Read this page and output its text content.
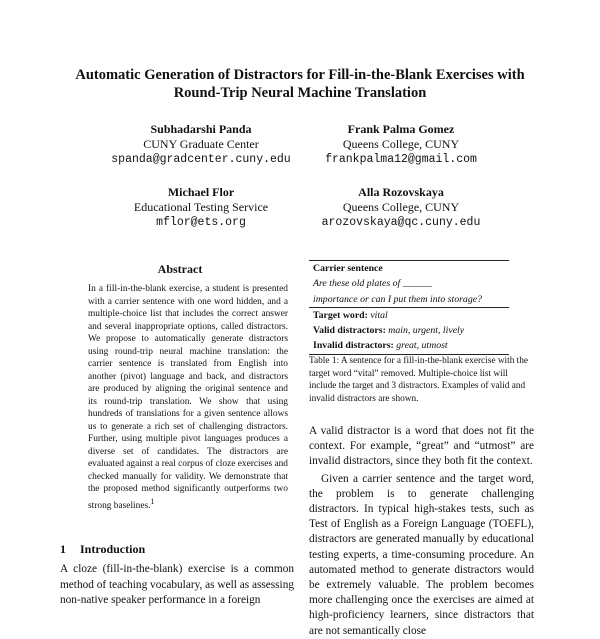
Automatic Generation of Distractors for Fill-in-the-Blank Exercises with
Round-Trip Neural Machine Translation
Subhadarshi Panda
CUNY Graduate Center
spanda@gradcenter.cuny.edu
Frank Palma Gomez
Queens College, CUNY
frankpalma12@gmail.com
Michael Flor
Educational Testing Service
mflor@ets.org
Alla Rozovskaya
Queens College, CUNY
arozovskaya@qc.cuny.edu
Abstract

In a fill-in-the-blank exercise, a student is presented with a carrier sentence with one word hidden, and a multiple-choice list that includes the correct answer and several inappropriate options, called distractors. We propose to automatically generate distractors using round-trip neural machine translation: the carrier sentence is translated from English into another (pivot) language and back, and distractors are produced by aligning the original sentence and its round-trip translation. We show that using hundreds of translations for a given sentence allows us to generate a rich set of challenging distractors. Further, using multiple pivot languages produces a diverse set of candidates. The distractors are evaluated against a real corpus of cloze exercises and checked manually for validity. We demonstrate that the proposed method significantly outperforms two strong baselines.$^1$

1 Introduction

A cloze (fill-in-the-blank) exercise is a common method of teaching vocabulary, as well as assessing non-native speaker performance in a foreign

Carrier sentence
Are these old plates of ______
importance or can I put them into storage?
Target word: vital
Valid distractors: main, urgent, lively
Invalid distractors: great, utmost

Table 1: A sentence for a fill-in-the-blank exercise with the target word “vital” removed. Multiple-choice list will include the target and 3 distractors. Examples of valid and invalid distractors are shown.

A valid distractor is a word that does not fit the context. For example, “great” and “utmost” are invalid distractors, since they both fit the context.

Given a carrier sentence and the target word, the problem is to generate challenging distractors. In typical high-stakes tests, such as Test of English as a Foreign Language (TOEFL), distractors are generated manually by educational testing experts, a time-consuming procedure. An automated method to generate distractors would be extremely valuable. The problem becomes more challenging once the exercises are aimed at high-proficiency learners, since distractors that are not semantically close
